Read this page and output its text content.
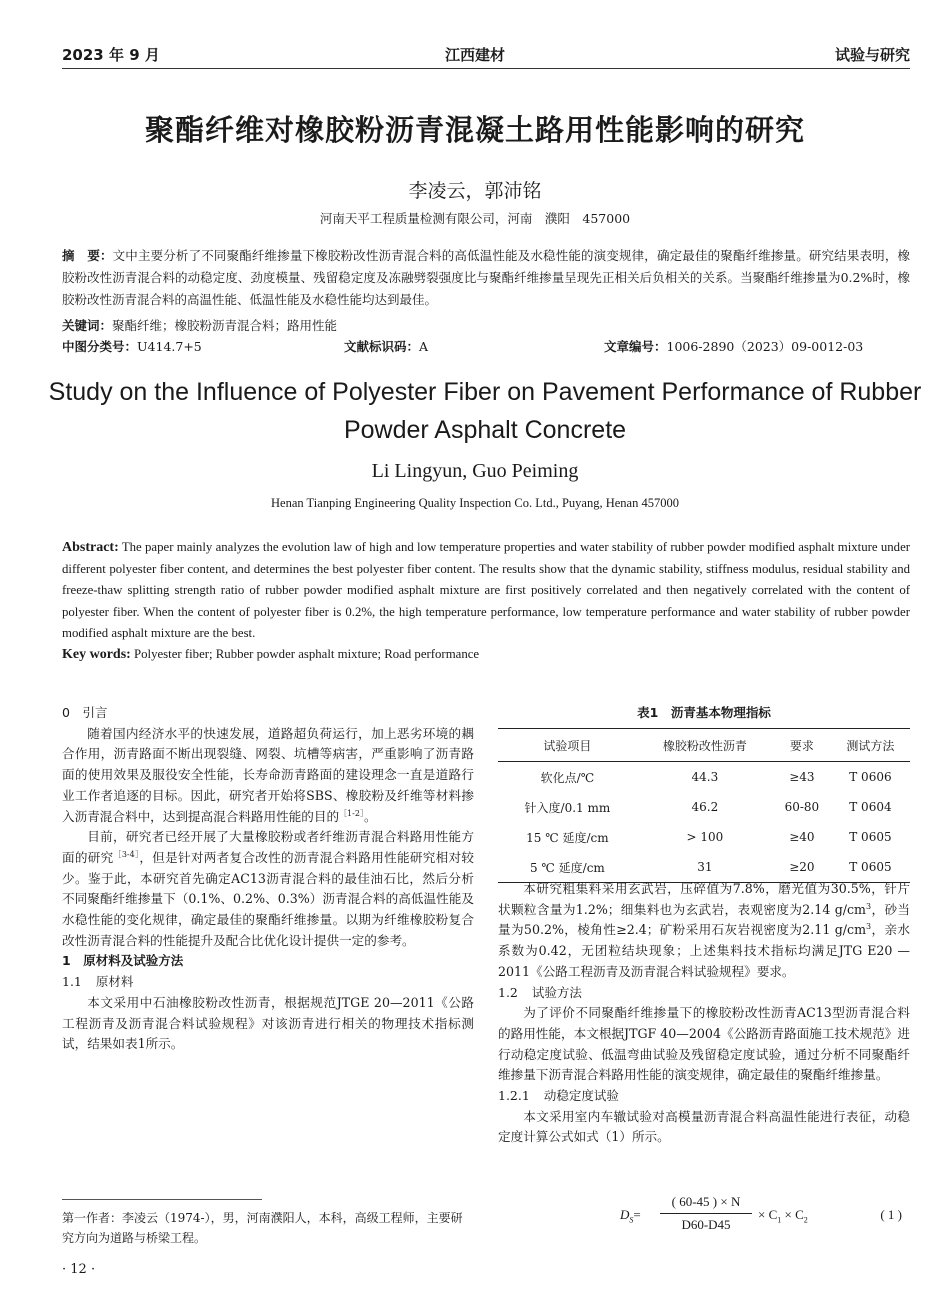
2023 年 9 月	江西建材	试验与研究
聚酯纤维对橡胶粉沥青混凝土路用性能影响的研究
李凌云，郭沛铭
河南天平工程质量检测有限公司，河南　濮阳　457000
摘　要：文中主要分析了不同聚酯纤维掺量下橡胶粉改性沥青混合料的高低温性能及水稳性能的演变规律，确定最佳的聚酯纤维掺量。研究结果表明，橡胶粉改性沥青混合料的动稳定度、劲度模量、残留稳定度及冻融劈裂强度比与聚酯纤维掺量呈现先正相关后负相关的关系。当聚酯纤维掺量为0.2%时，橡胶粉改性沥青混合料的高温性能、低温性能及水稳性能均达到最佳。
关键词：聚酯纤维；橡胶粉沥青混合料；路用性能
中图分类号：U414.7+5	文献标识码：A	文章编号：1006-2890（2023）09-0012-03
Study on the Influence of Polyester Fiber on Pavement Performance of Rubber Powder Asphalt Concrete
Li Lingyun, Guo Peiming
Henan Tianping Engineering Quality Inspection Co. Ltd., Puyang, Henan 457000
Abstract: The paper mainly analyzes the evolution law of high and low temperature properties and water stability of rubber powder modified asphalt mixture under different polyester fiber content, and determines the best polyester fiber content. The results show that the dynamic stability, stiffness modulus, residual stability and freeze-thaw splitting strength ratio of rubber powder modified asphalt mixture are first positively correlated and then negatively correlated with the content of polyester fiber. When the content of polyester fiber is 0.2%, the high temperature performance, low temperature performance and water stability of rubber powder modified asphalt mixture are the best.
Key words: Polyester fiber; Rubber powder asphalt mixture; Road performance

0　引言

随着国内经济水平的快速发展，道路超负荷运行，加上恶劣环境的耦合作用，沥青路面不断出现裂缝、网裂、坑槽等病害，严重影响了沥青路面的使用效果及服役安全性能，长寿命沥青路面的建设理念一直是道路行业工作者追逐的目标。因此，研究者开始将SBS、橡胶粉及纤维等材料掺入沥青混合料中，达到提高混合料路用性能的目的$^{[1-2]}$。

目前，研究者已经开展了大量橡胶粉或者纤维沥青混合料路用性能方面的研究$^{[3-4]}$，但是针对两者复合改性的沥青混合料路用性能研究相对较少。鉴于此，本研究首先确定AC13沥青混合料的最佳油石比，然后分析不同聚酯纤维掺量下（0.1%、0.2%、0.3%）沥青混合料的高低温性能及水稳性能的变化规律，确定最佳的聚酯纤维掺量。以期为纤维橡胶粉复合改性沥青混合料的性能提升及配合比优化设计提供一定的参考。

1　原材料及试验方法

1.1 原材料

本文采用中石油橡胶粉改性沥青，根据规范JTGE 20—2011《公路工程沥青及沥青混合料试验规程》对该沥青进行相关的物理技术指标测试，结果如表1所示。

第一作者：李凌云（1974-），男，河南濮阳人，本科，高级工程师，主要研究方向为道路与桥梁工程。
· 12 ·
表1　沥青基本物理指标
试验项目	橡胶粉改性沥青	要求	测试方法
软化点/℃	44.3	≥43	T 0606
针入度/0.1 mm	46.2	60-80	T 0604
15 ℃ 延度/cm	> 100	≥40	T 0605
5 ℃ 延度/cm	31	≥20	T 0605

本研究粗集料采用玄武岩，压碎值为7.8%，磨光值为30.5%，针片状颗粒含量为1.2%；细集料也为玄武岩，表观密度为2.14 $g/cm^3$，砂当量为50.2%，棱角性≥2.4；矿粉采用石灰岩视密度为2.11 $g/cm^3$，亲水系数为0.42，无团粒结块现象；上述集料技术指标均满足JTG E20 —2011《公路工程沥青及沥青混合料试验规程》要求。

1.2 试验方法

为了评价不同聚酯纤维掺量下的橡胶粉改性沥青AC13型沥青混合料的路用性能，本文根据JTGF 40—2004《公路沥青路面施工技术规范》进行动稳定度试验、低温弯曲试验及残留稳定度试验，通过分析不同聚酯纤维掺量下沥青混合料路用性能的演变规律，确定最佳的聚酯纤维掺量。

1.2.1 动稳定度试验

本文采用室内车辙试验对高模量沥青混合料高温性能进行表征，动稳定度计算公式如式（1）所示。

$D_S= \frac{( 60-45 ) \times N}{D60-D45} \times C_1 \times C_2$	( 1 )
